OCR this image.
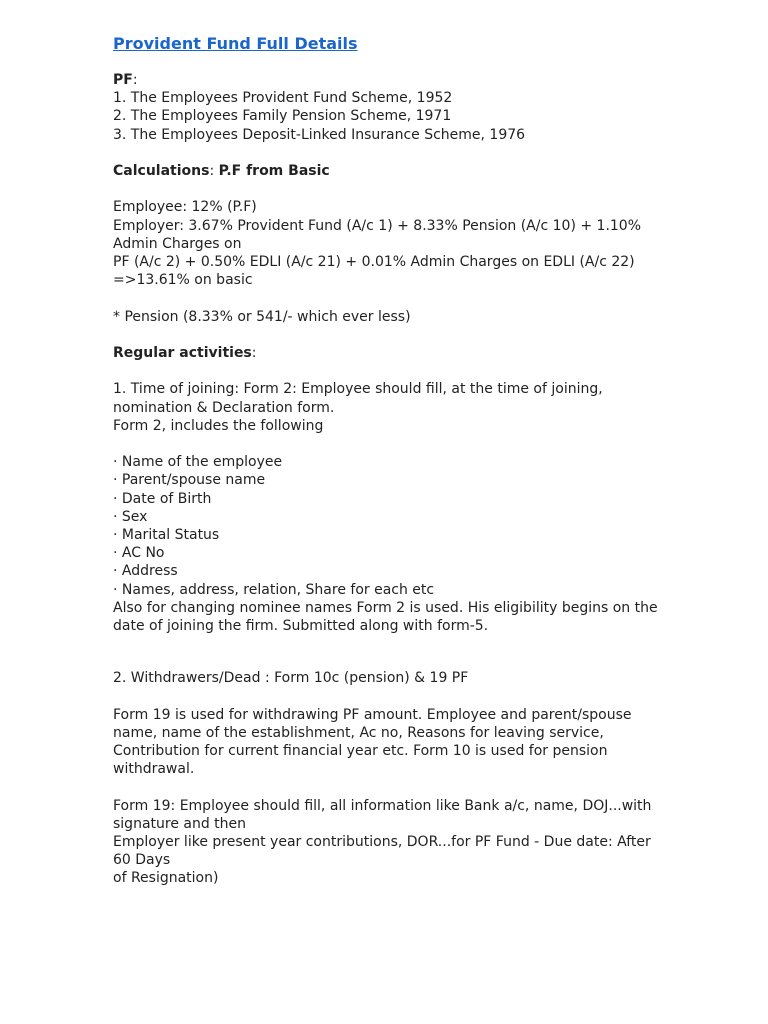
Provident Fund Full Details
PF:
1. The Employees Provident Fund Scheme, 1952
2. The Employees Family Pension Scheme, 1971
3. The Employees Deposit-Linked Insurance Scheme, 1976
Calculations: P.F from Basic
Employee: 12% (P.F)
Employer: 3.67% Provident Fund (A/c 1) + 8.33% Pension (A/c 10) + 1.10%
Admin Charges on
PF (A/c 2) + 0.50% EDLI (A/c 21) + 0.01% Admin Charges on EDLI (A/c 22)
=>13.61% on basic
* Pension (8.33% or 541/- which ever less)
Regular activities:
1. Time of joining: Form 2: Employee should fill, at the time of joining,
nomination & Declaration form.
Form 2, includes the following
· Name of the employee
· Parent/spouse name
· Date of Birth
· Sex
· Marital Status
· AC No
· Address
· Names, address, relation, Share for each etc
Also for changing nominee names Form 2 is used. His eligibility begins on the
date of joining the firm. Submitted along with form-5.
2. Withdrawers/Dead : Form 10c (pension) & 19 PF
Form 19 is used for withdrawing PF amount. Employee and parent/spouse
name, name of the establishment, Ac no, Reasons for leaving service,
Contribution for current financial year etc. Form 10 is used for pension
withdrawal.
Form 19: Employee should fill, all information like Bank a/c, name, DOJ...with
signature and then
Employer like present year contributions, DOR...for PF Fund - Due date: After
60 Days
of Resignation)
